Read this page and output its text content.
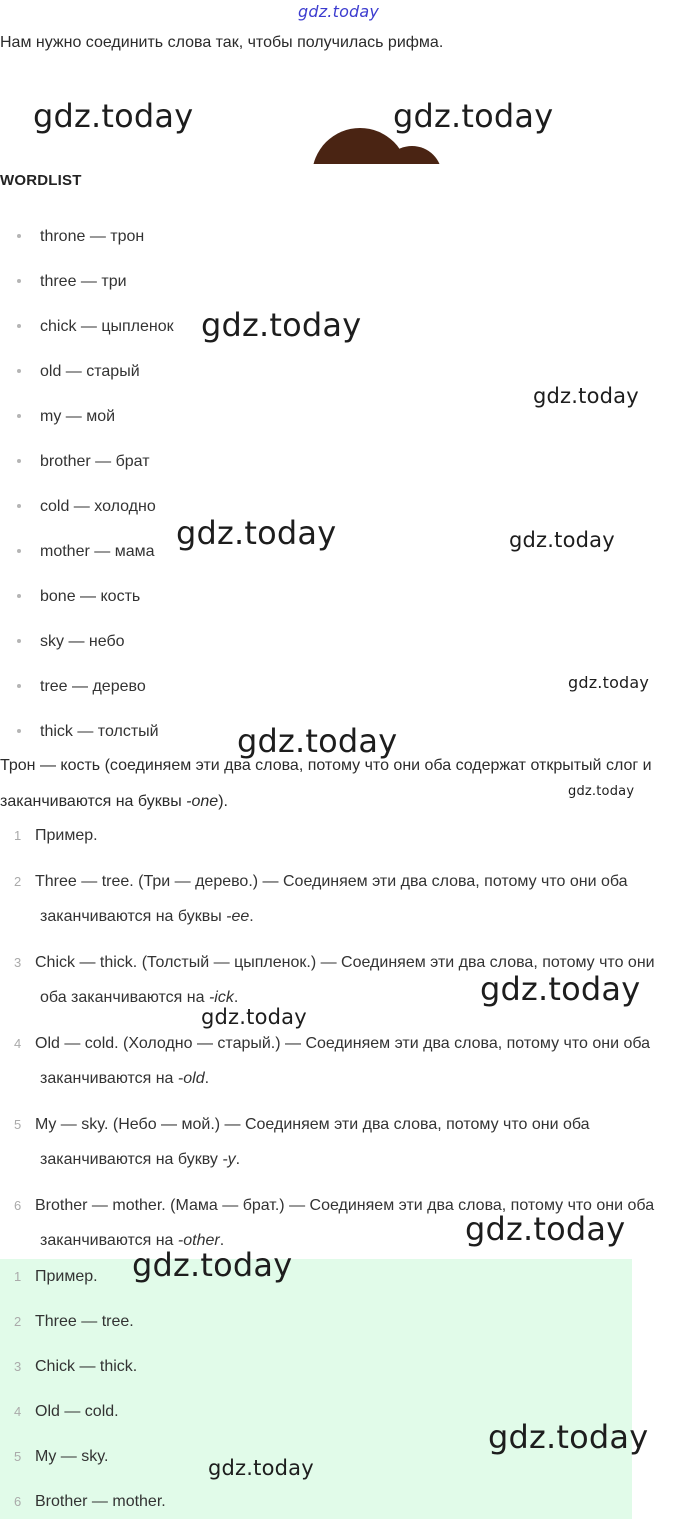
gdz.today
gdz.today	gdz.today
gdz.today
gdz.today
gdz.today	gdz.today
gdz.today
gdz.today
gdz.today
gdz.today
gdz.today
gdz.today
Нам нужно соединить слова так, чтобы получилась рифма.
WORDLIST
throne — трон
three — три
chick — цыпленок
old — старый
my — мой
brother — брат
cold — холодно
mother — мама
bone — кость
sky — небо
tree — дерево
thick — толстый
Трон — кость (соединяем эти два слова, потому что они оба содержат открытый слог и заканчиваются на буквы -one).
1 Пример.
2 Three — tree. (Три — дерево.) — Соединяем эти два слова, потому что они оба заканчиваются на буквы -ee.
3 Chick — thick. (Толстый — цыпленок.) — Соединяем эти два слова, потому что они оба заканчиваются на -ick.
4 Old — cold. (Холодно — старый.) — Соединяем эти два слова, потому что они оба заканчиваются на -old.
5 My — sky. (Небо — мой.) — Соединяем эти два слова, потому что они оба заканчиваются на букву -y.
6 Brother — mother. (Мама — брат.) — Соединяем эти два слова, потому что они оба заканчиваются на -other.
1 Пример.
2 Three — tree.
3 Chick — thick.
4 Old — cold.
5 My — sky.
6 Brother — mother.
gdz.today
gdz.today
gdz.today
